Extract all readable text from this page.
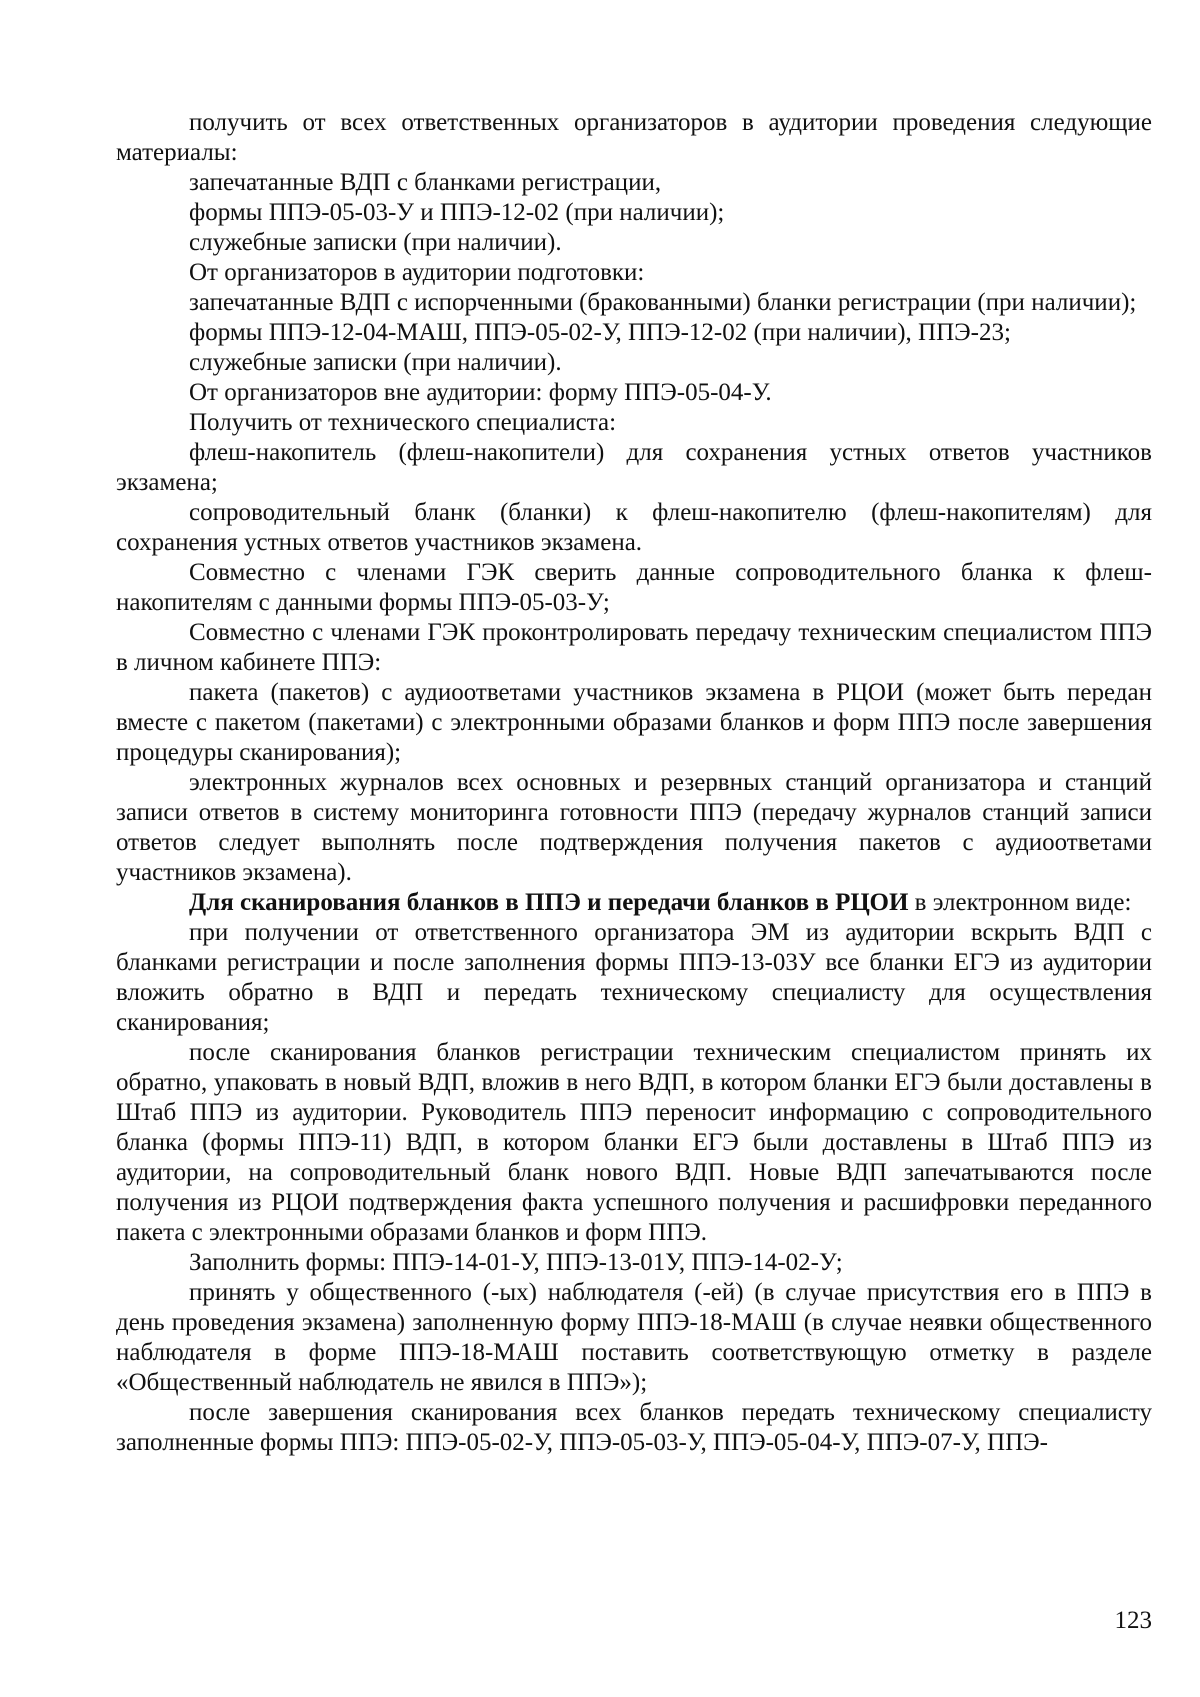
получить от всех ответственных организаторов в аудитории проведения следующие материалы:

запечатанные ВДП с бланками регистрации,

формы ППЭ-05-03-У и ППЭ-12-02 (при наличии);

служебные записки (при наличии).

От организаторов в аудитории подготовки:

запечатанные ВДП с испорченными (бракованными) бланки регистрации (при наличии);

формы ППЭ-12-04-МАШ, ППЭ-05-02-У, ППЭ-12-02 (при наличии), ППЭ-23;

служебные записки (при наличии).

От организаторов вне аудитории: форму ППЭ-05-04-У.

Получить от технического специалиста:

флеш-накопитель (флеш-накопители) для сохранения устных ответов участников экзамена;

сопроводительный бланк (бланки) к флеш-накопителю (флеш-накопителям) для сохранения устных ответов участников экзамена.

Совместно с членами ГЭК сверить данные сопроводительного бланка к флеш-накопителям с данными формы ППЭ-05-03-У;

Совместно с членами ГЭК проконтролировать передачу техническим специалистом ППЭ в личном кабинете ППЭ:

пакета (пакетов) с аудиоответами участников экзамена в РЦОИ (может быть передан вместе с пакетом (пакетами) с электронными образами бланков и форм ППЭ после завершения процедуры сканирования);

электронных журналов всех основных и резервных станций организатора и станций записи ответов в систему мониторинга готовности ППЭ (передачу журналов станций записи ответов следует выполнять после подтверждения получения пакетов с аудиоответами участников экзамена).

Для сканирования бланков в ППЭ и передачи бланков в РЦОИ в электронном виде:

при получении от ответственного организатора ЭМ из аудитории вскрыть ВДП с бланками регистрации и после заполнения формы ППЭ-13-03У все бланки ЕГЭ из аудитории вложить обратно в ВДП и передать техническому специалисту для осуществления сканирования;

после сканирования бланков регистрации техническим специалистом принять их обратно, упаковать в новый ВДП, вложив в него ВДП, в котором бланки ЕГЭ были доставлены в Штаб ППЭ из аудитории. Руководитель ППЭ переносит информацию с сопроводительного бланка (формы ППЭ-11) ВДП, в котором бланки ЕГЭ были доставлены в Штаб ППЭ из аудитории, на сопроводительный бланк нового ВДП. Новые ВДП запечатываются после получения из РЦОИ подтверждения факта успешного получения и расшифровки переданного пакета с электронными образами бланков и форм ППЭ.

Заполнить формы: ППЭ-14-01-У, ППЭ-13-01У, ППЭ-14-02-У;

принять у общественного (-ых) наблюдателя (-ей) (в случае присутствия его в ППЭ в день проведения экзамена) заполненную форму ППЭ-18-МАШ (в случае неявки общественного наблюдателя в форме ППЭ-18-МАШ поставить соответствующую отметку в разделе «Общественный наблюдатель не явился в ППЭ»);

после завершения сканирования всех бланков передать техническому специалисту заполненные формы ППЭ: ППЭ-05-02-У, ППЭ-05-03-У, ППЭ-05-04-У, ППЭ-07-У, ППЭ-

123
